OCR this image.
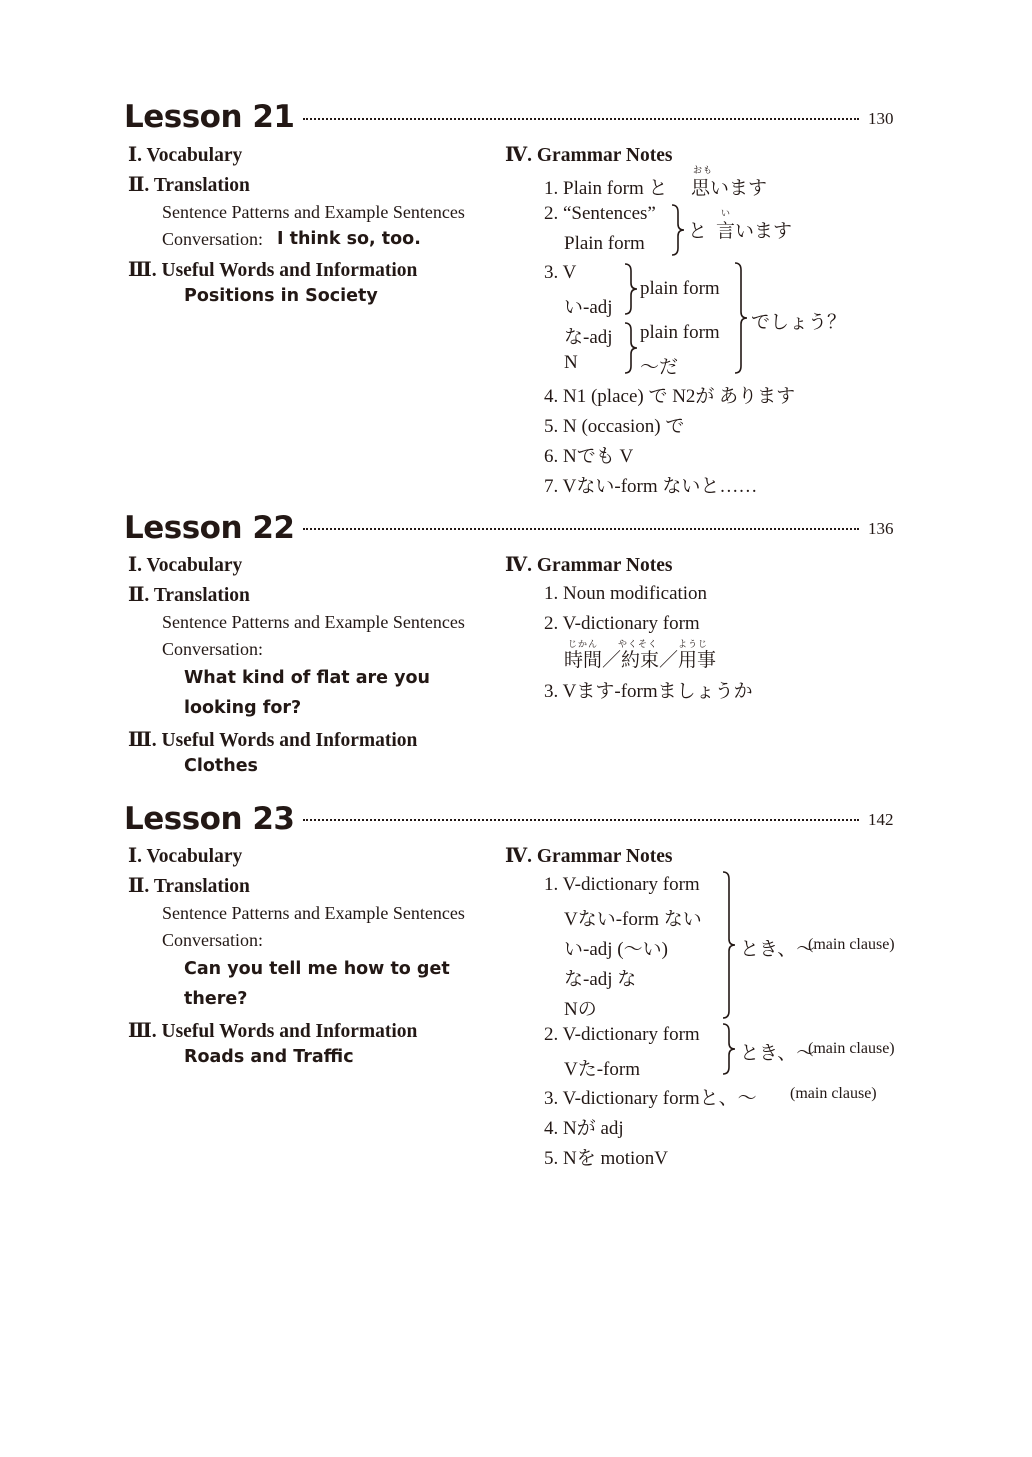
Lesson 21	130
Ⅰ. Vocabulary
Ⅱ. Translation
Sentence Patterns and Example Sentences
Conversation: I think so, too.
Ⅲ. Useful Words and Information
Positions in Society
Ⅳ. Grammar Notes
1. Plain form と
おも
思います
2. “Sentences”
Plain form
と
い
言います
3. V
い-adj
な-adj
N
plain form
plain form
～だ
でしょう？
4. N1 (place) で N2が あります
5. N (occasion) で
6. Nでも V
7. Vない-form ないと……
Lesson 22	136
Ⅰ. Vocabulary
Ⅱ. Translation
Sentence Patterns and Example Sentences
Conversation:
What kind of flat are you
looking for?
Ⅲ. Useful Words and Information
Clothes
Ⅳ. Grammar Notes
1. Noun modification
2. V-dictionary form
じかん　　やくそく　　ようじ
時間／約束／用事
3. Vます-formましょうか
Lesson 23	142
Ⅰ. Vocabulary
Ⅱ. Translation
Sentence Patterns and Example Sentences
Conversation:
Can you tell me how to get
there?
Ⅲ. Useful Words and Information
Roads and Traffic
Ⅳ. Grammar Notes
1. V-dictionary form
Vない-form ない
い-adj (～い)
な-adj な
Nの
とき、～
(main clause)
2. V-dictionary form
Vた-form
とき、～
(main clause)
3. V-dictionary formと、～ (main clause)
4. Nが adj
5. Nを motionV
